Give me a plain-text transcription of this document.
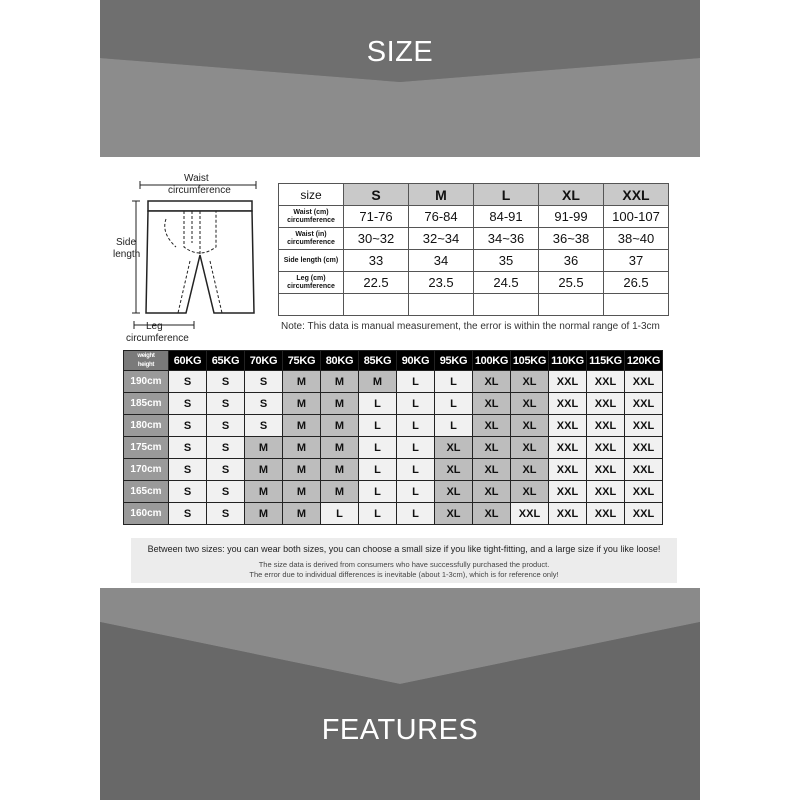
SIZE
Waist
circumference
Side
length
Leg
circumference
size	S	M	L	XL	XXL

Waist (cm)
circumference	71-76	76-84	84-91	91-99	100-107

Waist (in)
circumference	30~32	32~34	34~36	36~38	38~40

Side length (cm)	33	34	35	36	37

Leg (cm)
circumference	22.5	23.5	24.5	25.5	26.5

Note: This data is manual measurement, the error is within the normal range of 1-3cm
weight
height	60KG	65KG	70KG	75KG	80KG	85KG	90KG	95KG	100KG	105KG	110KG	115KG	120KG
190cm	S	S	S	M	M	M	L	L	XL	XL	XXL	XXL	XXL
185cm	S	S	S	M	M	L	L	L	XL	XL	XXL	XXL	XXL
180cm	S	S	S	M	M	L	L	L	XL	XL	XXL	XXL	XXL
175cm	S	S	M	M	M	L	L	XL	XL	XL	XXL	XXL	XXL
170cm	S	S	M	M	M	L	L	XL	XL	XL	XXL	XXL	XXL
165cm	S	S	M	M	M	L	L	XL	XL	XL	XXL	XXL	XXL
160cm	S	S	M	M	L	L	L	XL	XL	XXL	XXL	XXL	XXL
Between two sizes: you can wear both sizes, you can choose a small size if you like tight-fitting, and a large size if you like loose!
The size data is derived from consumers who have successfully purchased the product.
The error due to individual differences is inevitable (about 1-3cm), which is for reference only!
FEATURES
